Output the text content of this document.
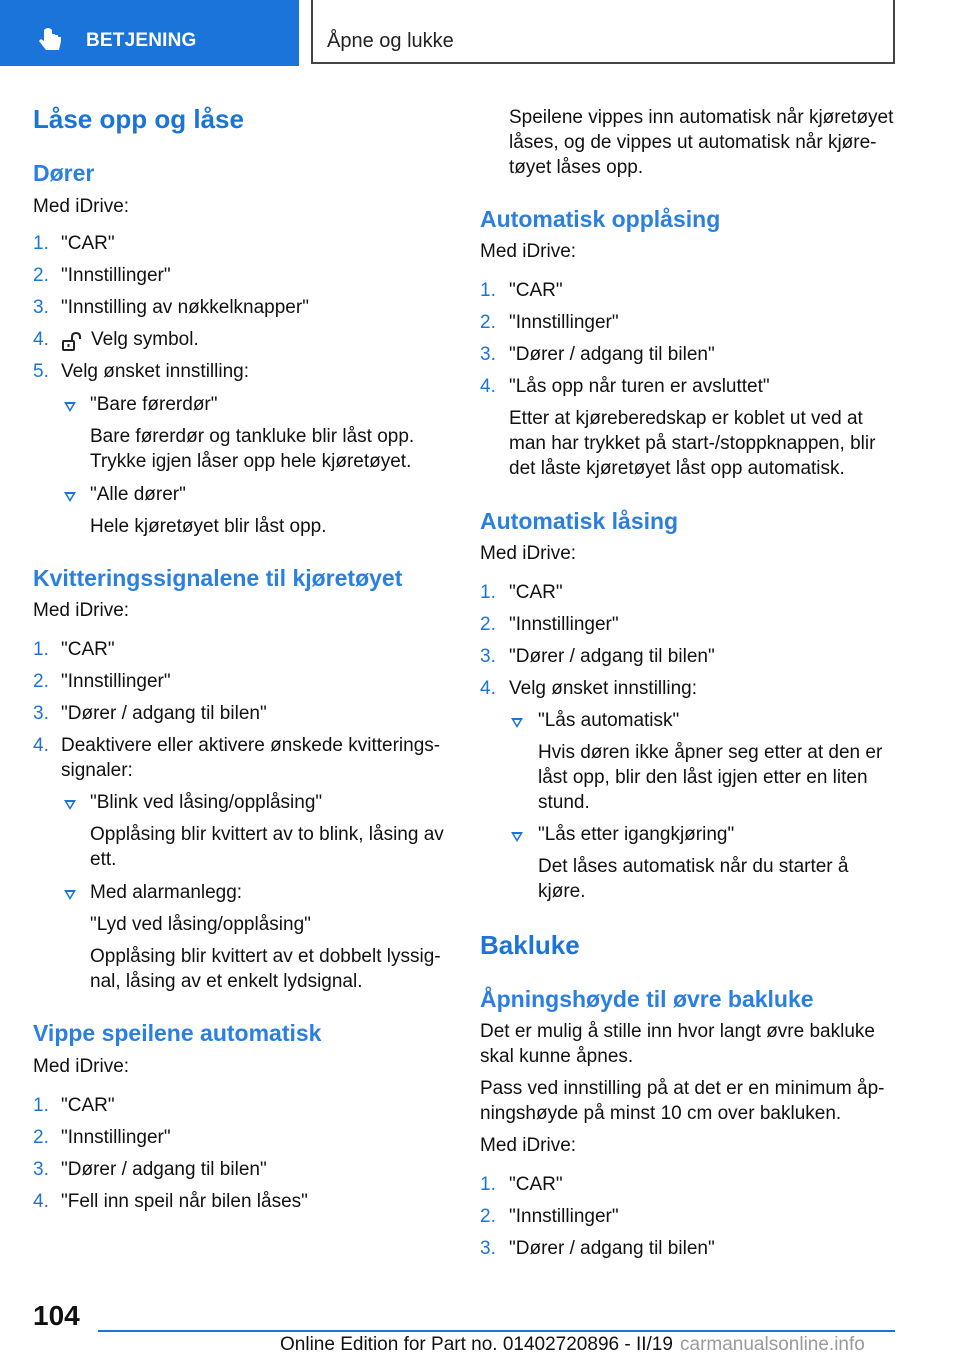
BETJENING	Åpne og lukke
Låse opp og låse
Dører
Med iDrive:
1. "CAR"
2. "Innstillinger"
3. "Innstilling av nøkkelknapper"
4. Velg symbol.
5. Velg ønsket innstilling:
"Bare førerdør"
Bare førerdør og tankluke blir låst opp.
Trykke igjen låser opp hele kjøretøyet.
"Alle dører"
Hele kjøretøyet blir låst opp.
Kvitteringssignalene til kjøretøyet
Med iDrive:
1. "CAR"
2. "Innstillinger"
3. "Dører / adgang til bilen"
4. Deaktivere eller aktivere ønskede kvitterings-
signaler:
"Blink ved låsing/opplåsing"
Opplåsing blir kvittert av to blink, låsing av
ett.
Med alarmanlegg:
"Lyd ved låsing/opplåsing"
Opplåsing blir kvittert av et dobbelt lyssig-
nal, låsing av et enkelt lydsignal.
Vippe speilene automatisk
Med iDrive:
1. "CAR"
2. "Innstillinger"
3. "Dører / adgang til bilen"
4. "Fell inn speil når bilen låses"
Speilene vippes inn automatisk når kjøretøyet
låses, og de vippes ut automatisk når kjøre-
tøyet låses opp.
Automatisk opplåsing
Med iDrive:
1. "CAR"
2. "Innstillinger"
3. "Dører / adgang til bilen"
4. "Lås opp når turen er avsluttet"
Etter at kjøreberedskap er koblet ut ved at
man har trykket på start-/stoppknappen, blir
det låste kjøretøyet låst opp automatisk.
Automatisk låsing
Med iDrive:
1. "CAR"
2. "Innstillinger"
3. "Dører / adgang til bilen"
4. Velg ønsket innstilling:
"Lås automatisk"
Hvis døren ikke åpner seg etter at den er
låst opp, blir den låst igjen etter en liten
stund.
"Lås etter igangkjøring"
Det låses automatisk når du starter å
kjøre.
Bakluke
Åpningshøyde til øvre bakluke
Det er mulig å stille inn hvor langt øvre bakluke
skal kunne åpnes.
Pass ved innstilling på at det er en minimum åp-
ningshøyde på minst 10 cm over bakluken.
Med iDrive:
1. "CAR"
2. "Innstillinger"
3. "Dører / adgang til bilen"
104
Online Edition for Part no. 01402720896 - II/19 carmanualsonline.info
